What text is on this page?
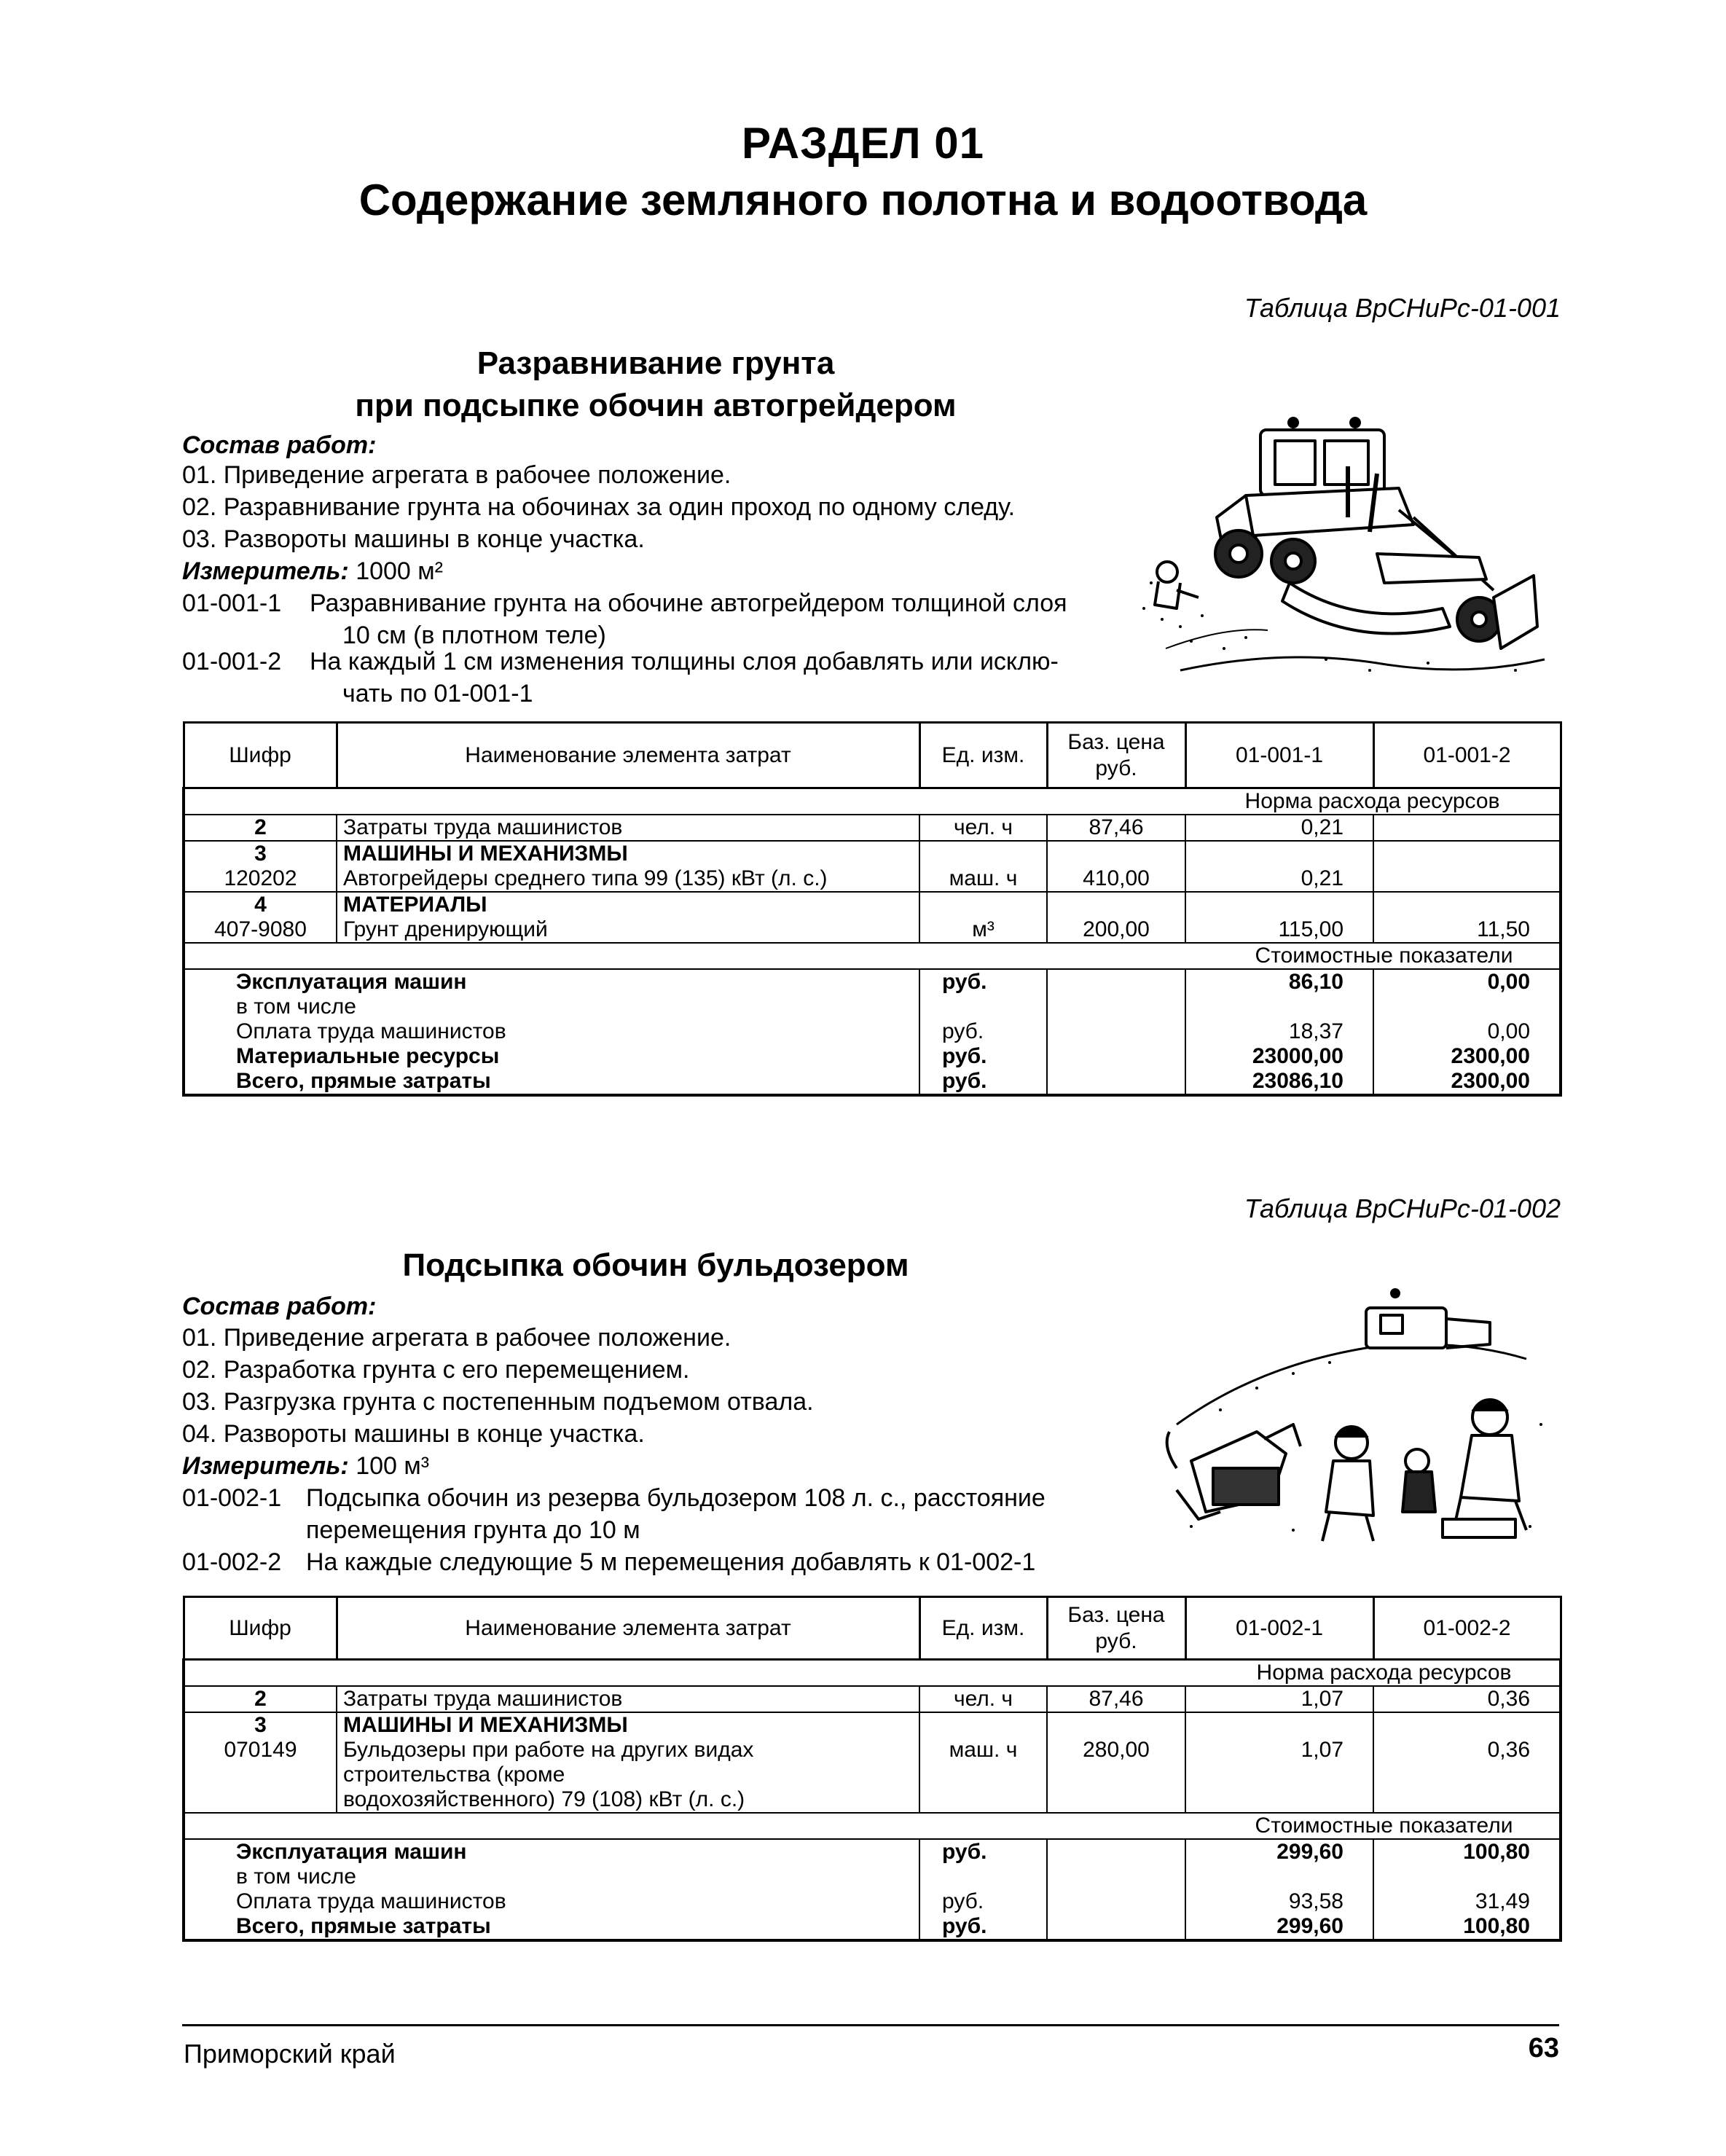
РАЗДЕЛ 01
Содержание земляного полотна и водоотвода
Таблица ВрСНиРс-01-001
Разравнивание грунта
при подсыпке обочин автогрейдером
Состав работ:
01. Приведение агрегата в рабочее положение.
02. Разравнивание грунта на обочинах за один проход по одному следу.
03. Развороты машины в конце участка.
Измеритель: 1000 м²
01-001-1 Разравнивание грунта на обочине автогрейдером толщиной слоя
10 см (в плотном теле)
01-001-2 На каждый 1 см изменения толщины слоя добавлять или исклю-
чать по 01-001-1
Шифр	Наименование элемента затрат	Ед. изм.	Баз. цена руб.	01-001-1	01-001-2
				Норма расхода ресурсов	
2	Затраты труда машинистов	чел. ч	87,46	0,21	
3	МАШИНЫ И МЕХАНИЗМЫ				
120202	Автогрейдеры среднего типа 99 (135) кВт (л. с.)	маш. ч	410,00	0,21	
4	МАТЕРИАЛЫ				
407-9080	Грунт дренирующий	м³	200,00	115,00	11,50
				Стоимостные показатели	
Эксплуатация машин		руб.		86,10	0,00
в том числе					
Оплата труда машинистов		руб.		18,37	0,00
Материальные ресурсы		руб.		23000,00	2300,00
Всего, прямые затраты		руб.		23086,10	2300,00
Таблица ВрСНиРс-01-002
Подсыпка обочин бульдозером
Состав работ:
01. Приведение агрегата в рабочее положение.
02. Разработка грунта с его перемещением.
03. Разгрузка грунта с постепенным подъемом отвала.
04. Развороты машины в конце участка.
Измеритель: 100 м³
01-002-1 Подсыпка обочин из резерва бульдозером 108 л. с., расстояние
перемещения грунта до 10 м
01-002-2 На каждые следующие 5 м перемещения добавлять к 01-002-1
Шифр	Наименование элемента затрат	Ед. изм.	Баз. цена руб.	01-002-1	01-002-2
				Норма расхода ресурсов	
2	Затраты труда машинистов	чел. ч	87,46	1,07	0,36
3	МАШИНЫ И МЕХАНИЗМЫ				
070149	Бульдозеры при работе на других видах строительства (кроме водохозяйственного) 79 (108) кВт (л. с.)	маш. ч	280,00	1,07	0,36
				Стоимостные показатели	
Эксплуатация машин		руб.		299,60	100,80
в том числе					
Оплата труда машинистов		руб.		93,58	31,49
Всего, прямые затраты		руб.		299,60	100,80
Приморский край	63
